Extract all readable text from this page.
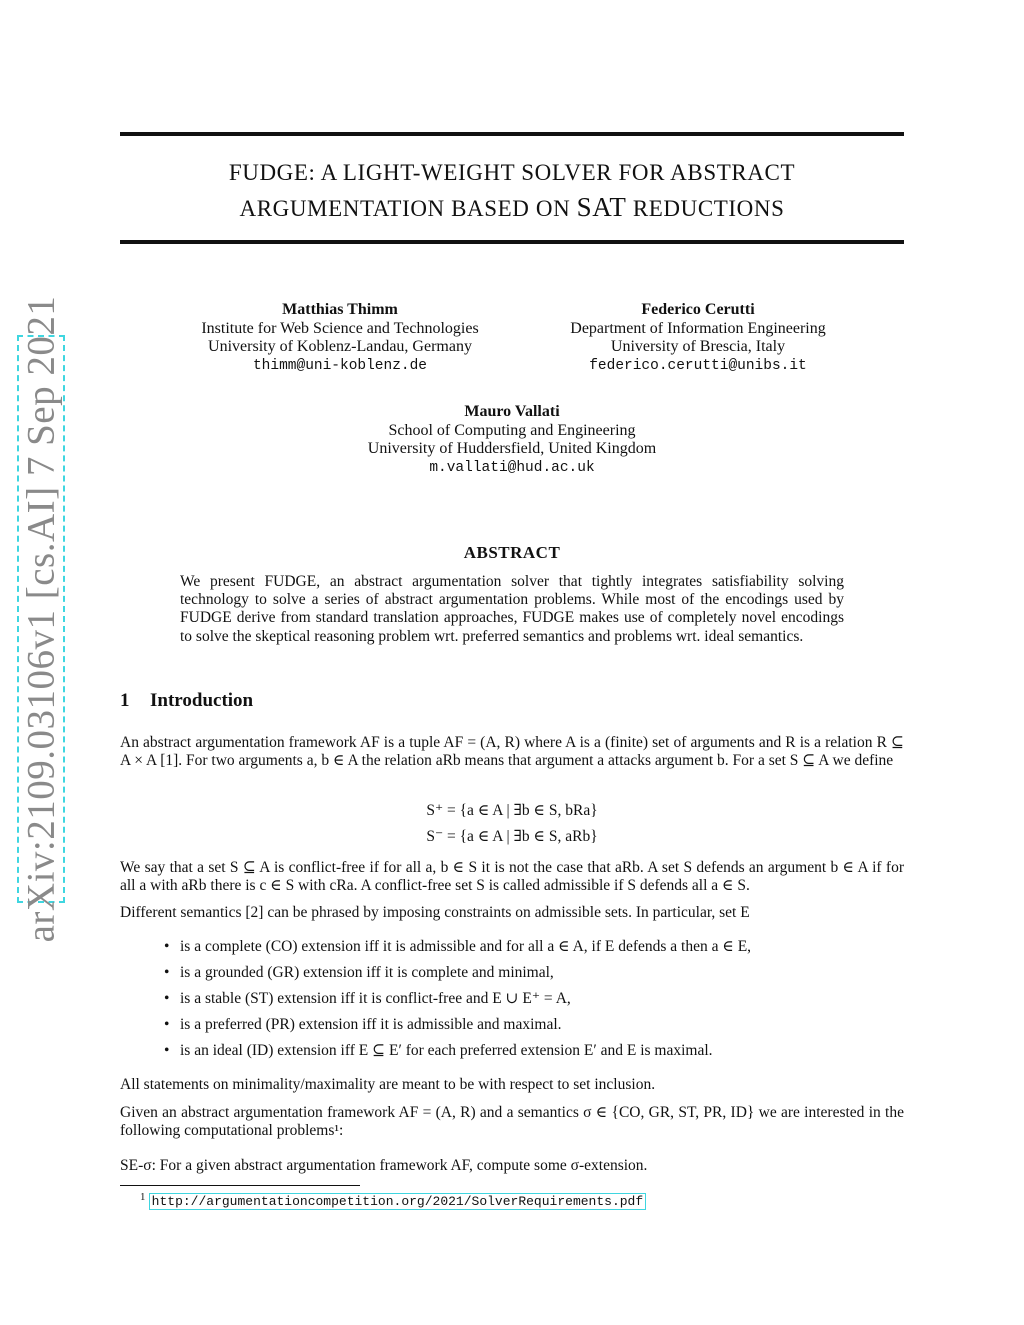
arXiv:2109.03106v1 [cs.AI] 7 Sep 2021
FUDGE: A LIGHT-WEIGHT SOLVER FOR ABSTRACT
ARGUMENTATION BASED ON SAT REDUCTIONS
Matthias Thimm
Institute for Web Science and Technologies
University of Koblenz-Landau, Germany
thimm@uni-koblenz.de
Federico Cerutti
Department of Information Engineering
University of Brescia, Italy
federico.cerutti@unibs.it
Mauro Vallati
School of Computing and Engineering
University of Huddersfield, United Kingdom
m.vallati@hud.ac.uk
ABSTRACT
We present FUDGE, an abstract argumentation solver that tightly integrates satisfiability solving technology to solve a series of abstract argumentation problems. While most of the encodings used by FUDGE derive from standard translation approaches, FUDGE makes use of completely novel encodings to solve the skeptical reasoning problem wrt. preferred semantics and problems wrt. ideal semantics.
1 Introduction
An abstract argumentation framework AF is a tuple AF = (A, R) where A is a (finite) set of arguments and R is a relation R ⊆ A × A [1]. For two arguments a, b ∈ A the relation aRb means that argument a attacks argument b. For a set S ⊆ A we define
S⁺ = {a ∈ A | ∃b ∈ S, bRa}
S⁻ = {a ∈ A | ∃b ∈ S, aRb}
We say that a set S ⊆ A is conflict-free if for all a, b ∈ S it is not the case that aRb. A set S defends an argument b ∈ A if for all a with aRb there is c ∈ S with cRa. A conflict-free set S is called admissible if S defends all a ∈ S.
Different semantics [2] can be phrased by imposing constraints on admissible sets. In particular, set E
• is a complete (CO) extension iff it is admissible and for all a ∈ A, if E defends a then a ∈ E,
• is a grounded (GR) extension iff it is complete and minimal,
• is a stable (ST) extension iff it is conflict-free and E ∪ E⁺ = A,
• is a preferred (PR) extension iff it is admissible and maximal.
• is an ideal (ID) extension iff E ⊆ E′ for each preferred extension E′ and E is maximal.
All statements on minimality/maximality are meant to be with respect to set inclusion.
Given an abstract argumentation framework AF = (A, R) and a semantics σ ∈ {CO, GR, ST, PR, ID} we are interested in the following computational problems¹:
SE-σ: For a given abstract argumentation framework AF, compute some σ-extension.
$^1$ http://argumentationcompetition.org/2021/SolverRequirements.pdf
